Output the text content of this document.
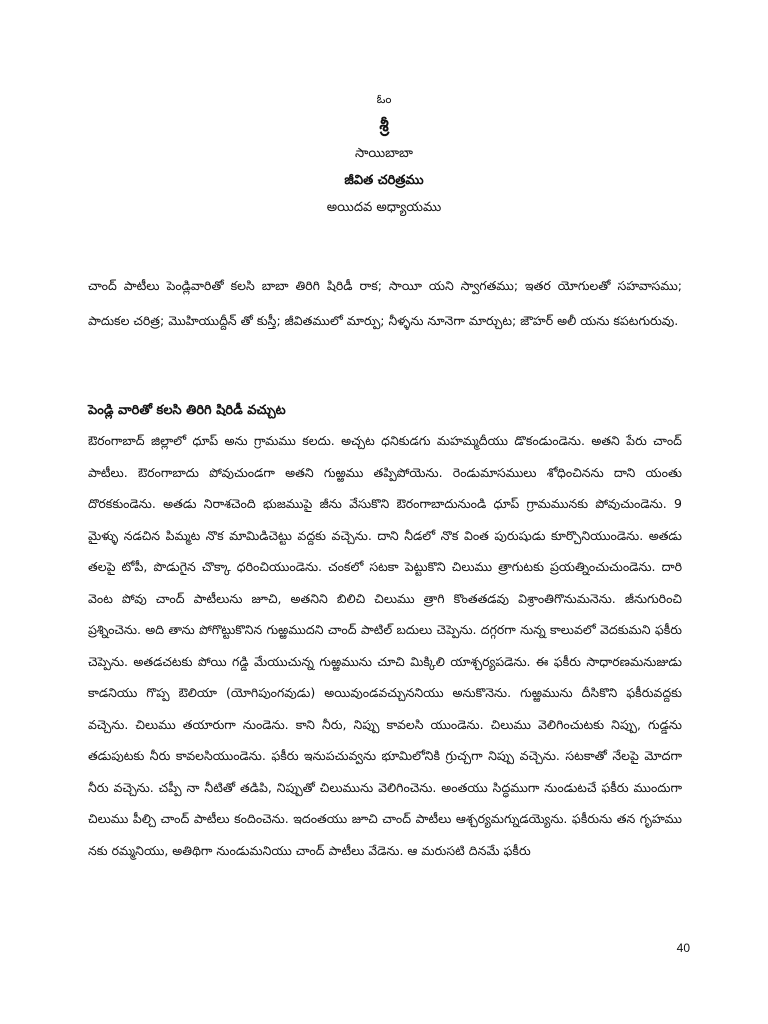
ఓం
శ్రీ
సాయిబాబా
జీవిత చరిత్రము
అయిదవ అధ్యాయము
చాంద్ పాటీలు పెండ్లివారితో కలసి బాబా తిరిగి షిరిడీ రాక; సాయీ యని స్వాగతము; ఇతర యోగులతో సహవాసము; పాదుకల చరిత్ర; మొహియుద్దీన్ తో కుస్తీ; జీవితములో మార్పు; నీళ్ళను నూనెగా మార్చుట; జౌహర్ అలీ యను కపటగురువు.
పెండ్లి వారితో కలసి తిరిగి షిరిడీ వచ్చుట
ఔరంగాబాద్ జిల్లాలో ధూప్ అను గ్రామము కలదు. అచ్చట ధనికుడగు మహమ్మదీయు డొకండుండెను. అతని పేరు చాంద్ పాటీలు. ఔరంగాబాదు పోవుచుండగా అతని గుఱ్ఱము తప్పిపోయెను. రెండుమాసములు శోధించినను దాని యంతు దొరకకుండెను. అతడు నిరాశచెంది భుజముపై జీను వేసుకొని ఔరంగాబాదునుండి ధూప్ గ్రామమునకు పోవుచుండెను. 9 మైళ్ళు నడచిన పిమ్మట నొక మామిడిచెట్టు వద్దకు వచ్చెను. దాని నీడలో నొక వింత పురుషుడు కూర్చొనియుండెను. అతడు తలపై టోపీ, పొడుగైన చొక్కా ధరించియుండెను. చంకలో సటకా పెట్టుకొని చిలుము త్రాగుటకు ప్రయత్నించుచుండెను. దారి వెంట పోవు చాంద్ పాటీలును జూచి, అతనిని బిలిచి చిలుము త్రాగి కొంతతడవు విశ్రాంతిగొనుమనెను. జీనుగురించి ప్రశ్నించెను. అది తాను పోగొట్టుకొనిన గుఱ్ఱముదని చాంద్ పాటిల్ బదులు చెప్పెను. దగ్గరగా నున్న కాలువలో వెదకుమని ఫకీరు చెప్పెను. అతడచటకు పోయి గడ్డి మేయుచున్న గుఱ్ఱమును చూచి మిక్కిలి యాశ్చర్యపడెను. ఈ ఫకీరు సాధారణమనుజుడు కాడనియు గొప్ప ఔలియా (యోగిపుంగవుడు) అయివుండవచ్చుననియు అనుకొనెను. గుఱ్ఱమును దీసికొని ఫకీరువద్దకు వచ్చెను. చిలుము తయారుగా నుండెను. కాని నీరు, నిప్పు కావలసి యుండెను. చిలుము వెలిగించుటకు నిప్పు, గుడ్డను తడుపుటకు నీరు కావలసియుండెను. ఫకీరు ఇనుపచువ్వను భూమిలోనికి గ్రుచ్చగా నిప్పు వచ్చెను. సటకాతో నేలపై మోదగా నీరు వచ్చెను. చప్పీ నా నీటితో తడిపి, నిప్పుతో చిలుమును వెలిగించెను. అంతయు సిద్ధముగా నుండుటచే ఫకీరు ముందుగా చిలుము పీల్చి చాంద్ పాటీలు కందించెను. ఇదంతయు జూచి చాంద్ పాటీలు ఆశ్చర్యమగ్నుడయ్యెను. ఫకీరును తన గృహము నకు రమ్మనియు, అతిథిగా నుండుమనియు చాంద్ పాటీలు వేడెను. ఆ మరుసటి దినమే ఫకీరు
40
